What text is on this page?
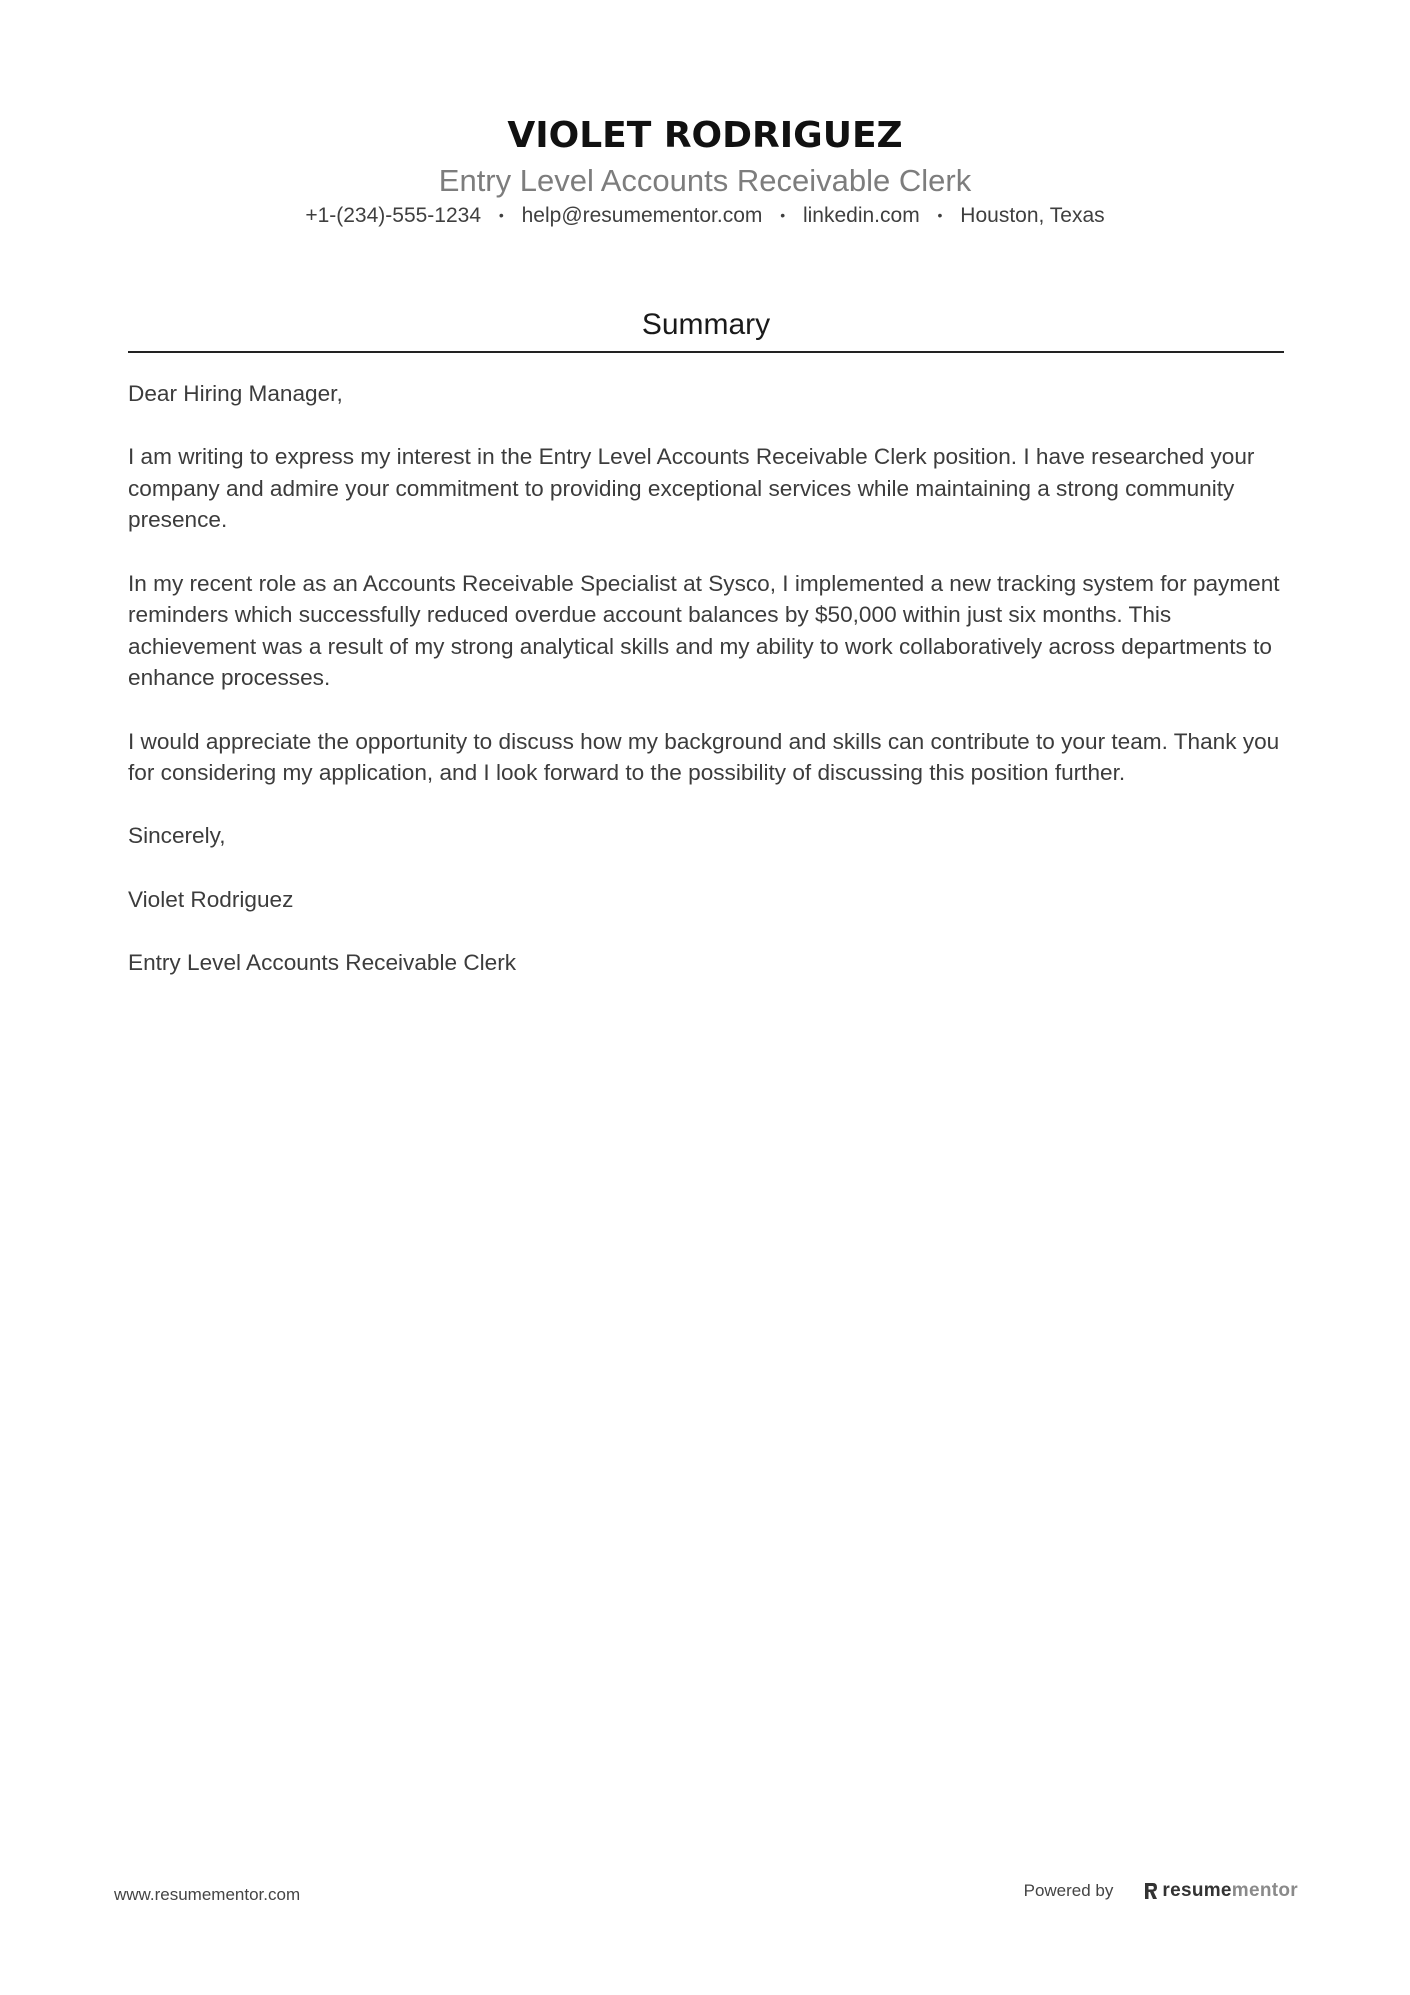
VIOLET RODRIGUEZ
Entry Level Accounts Receivable Clerk
+1-(234)-555-1234 • help@resumementor.com • linkedin.com • Houston, Texas
Summary

Dear Hiring Manager,

I am writing to express my interest in the Entry Level Accounts Receivable Clerk position. I have researched your company and admire your commitment to providing exceptional services while maintaining a strong community presence.

In my recent role as an Accounts Receivable Specialist at Sysco, I implemented a new tracking system for payment reminders which successfully reduced overdue account balances by $50,000 within just six months. This achievement was a result of my strong analytical skills and my ability to work collaboratively across departments to enhance processes.

I would appreciate the opportunity to discuss how my background and skills can contribute to your team. Thank you for considering my application, and I look forward to the possibility of discussing this position further.

Sincerely,

Violet Rodriguez

Entry Level Accounts Receivable Clerk

www.resumementor.com	Powered by	resume mentor
